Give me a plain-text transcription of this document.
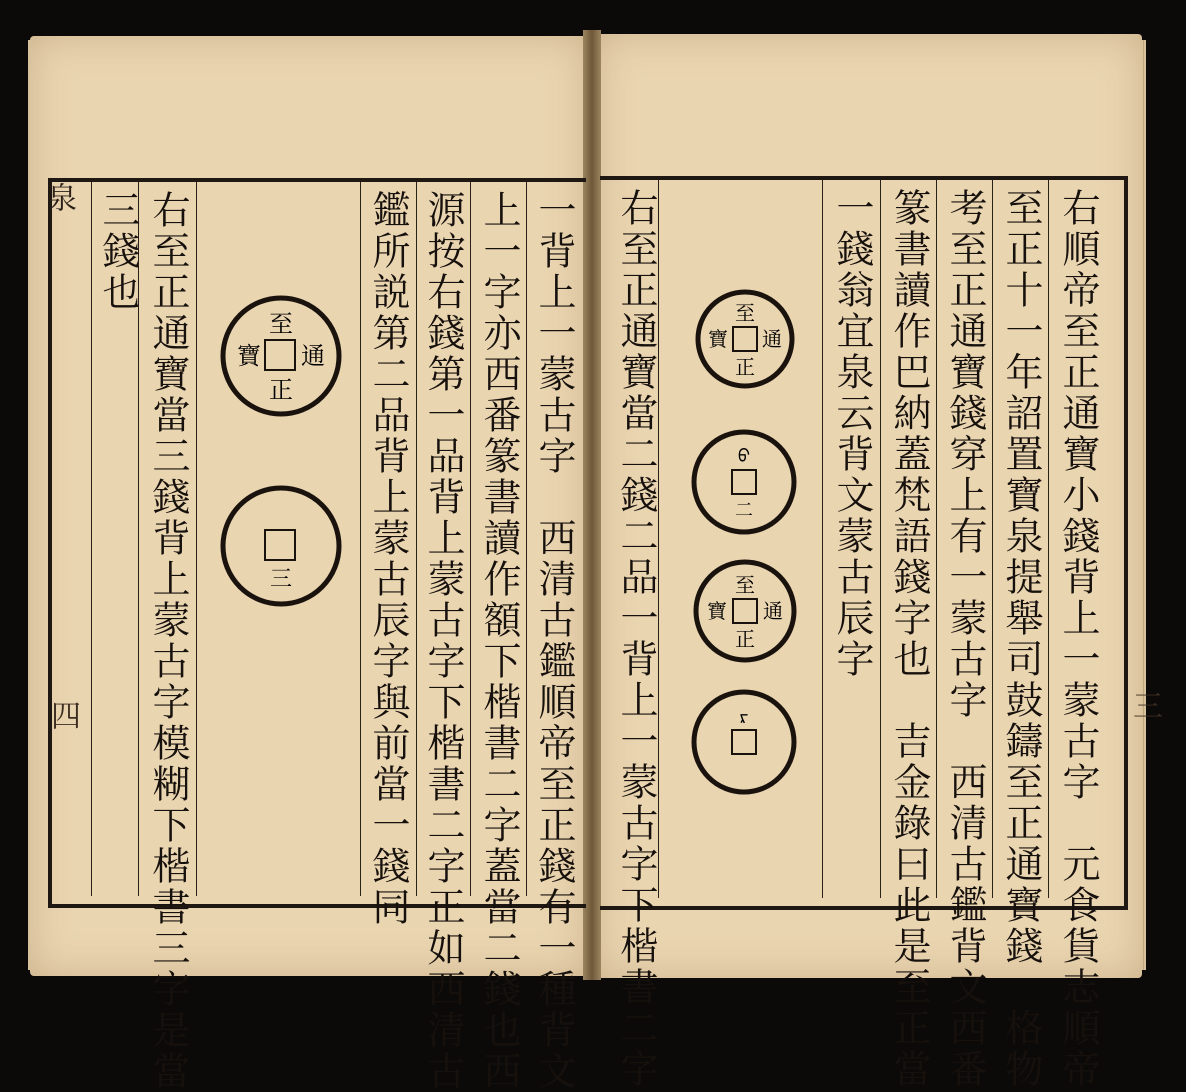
一背上一蒙古字　西清古鑑順帝至正錢有一種背文
上一字亦西番篆書讀作額下楷書二字蓋當二錢也西
源按右錢第一品背上蒙古字下楷書二字正如西清古
鑑所説第二品背上蒙古辰字與前當一錢同
右至正通寶當三錢背上蒙古字模糊下楷書三字是當
三錢也
四
泉
至
正
寶 通
三	右順帝至正通寶小錢背上一蒙古字　元食貨志順帝
至正十一年詔置寶泉提舉司鼓鑄至正通寶錢　格物
考至正通寶錢穿上有一蒙古字　西清古鑑背文西番
篆書讀作巴納蓋梵語錢字也　吉金錄曰此是至正當
一錢翁宜泉云背文蒙古辰字
右至正通寶當二錢二品一背上一蒙古字下楷書二字	三
至
正
寶 通
ᠪ
二
至
正
寶 通
ᠷ
